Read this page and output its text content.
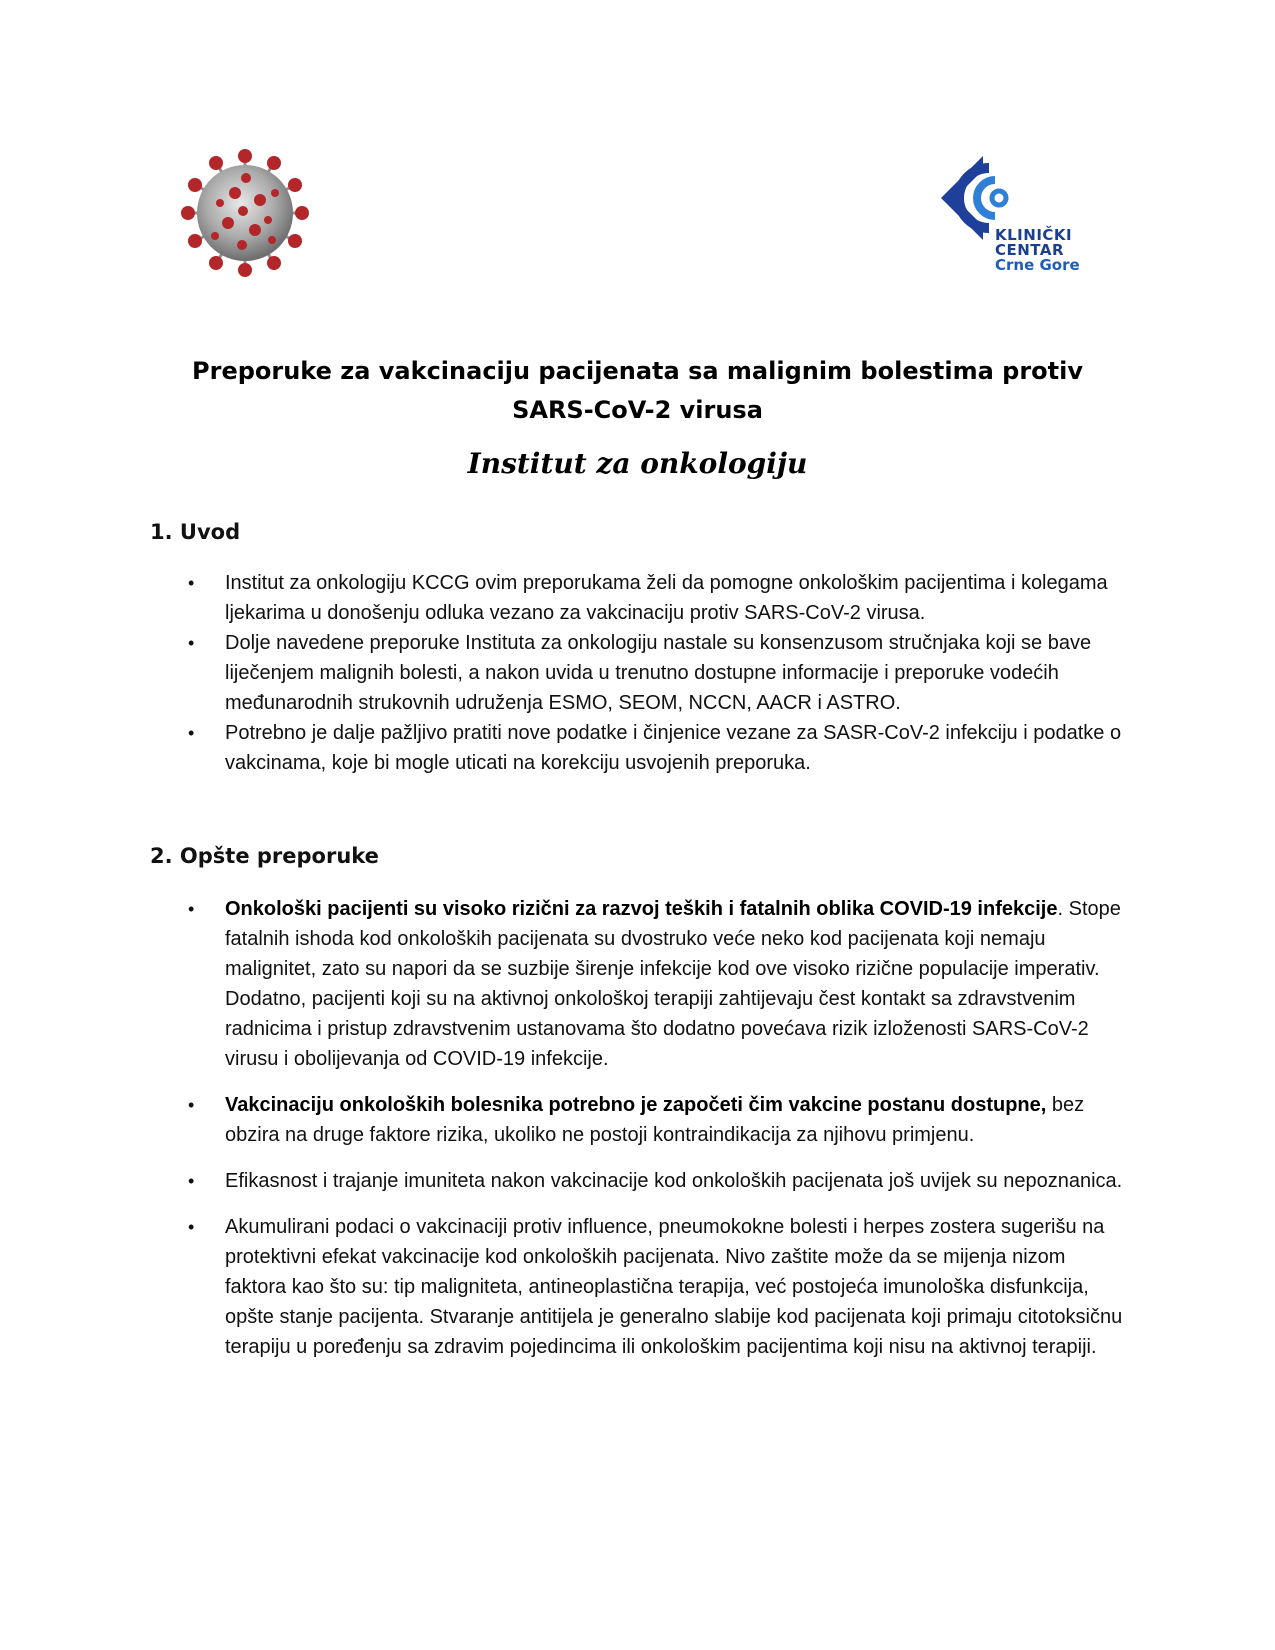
KLINIČKI
CENTAR
Crne Gore
Preporuke za vakcinaciju pacijenata sa malignim bolestima protiv
SARS-CoV-2 virusa
Institut za onkologiju
1. Uvod
• Institut za onkologiju KCCG ovim preporukama želi da pomogne onkološkim pacijentima i kolegama ljekarima u donošenju odluka vezano za vakcinaciju protiv SARS-CoV-2 virusa.
• Dolje navedene preporuke Instituta za onkologiju nastale su konsenzusom stručnjaka koji se bave liječenjem malignih bolesti, a nakon uvida u trenutno dostupne informacije i preporuke vodećih međunarodnih strukovnih udruženja ESMO, SEOM, NCCN, AACR i ASTRO.
• Potrebno je dalje pažljivo pratiti nove podatke i činjenice vezane za SASR-CoV-2 infekciju i podatke o vakcinama, koje bi mogle uticati na korekciju usvojenih preporuka.
2. Opšte preporuke
• Onkološki pacijenti su visoko rizični za razvoj teških i fatalnih oblika COVID-19 infekcije. Stope fatalnih ishoda kod onkoloških pacijenata su dvostruko veće neko kod pacijenata koji nemaju malignitet, zato su napori da se suzbije širenje infekcije kod ove visoko rizične populacije imperativ. Dodatno, pacijenti koji su na aktivnoj onkološkoj terapiji zahtijevaju čest kontakt sa zdravstvenim radnicima i pristup zdravstvenim ustanovama što dodatno povećava rizik izloženosti SARS-CoV-2 virusu i obolijevanja od COVID-19 infekcije.
• Vakcinaciju onkoloških bolesnika potrebno je započeti čim vakcine postanu dostupne, bez obzira na druge faktore rizika, ukoliko ne postoji kontraindikacija za njihovu primjenu.
• Efikasnost i trajanje imuniteta nakon vakcinacije kod onkoloških pacijenata još uvijek su nepoznanica.
• Akumulirani podaci o vakcinaciji protiv influence, pneumokokne bolesti i herpes zostera sugerišu na protektivni efekat vakcinacije kod onkoloških pacijenata. Nivo zaštite može da se mijenja nizom faktora kao što su: tip maligniteta, antineoplastična terapija, već postojeća imunološka disfunkcija, opšte stanje pacijenta. Stvaranje antitijela je generalno slabije kod pacijenata koji primaju citotoksičnu terapiju u poređenju sa zdravim pojedincima ili onkološkim pacijentima koji nisu na aktivnoj terapiji.
